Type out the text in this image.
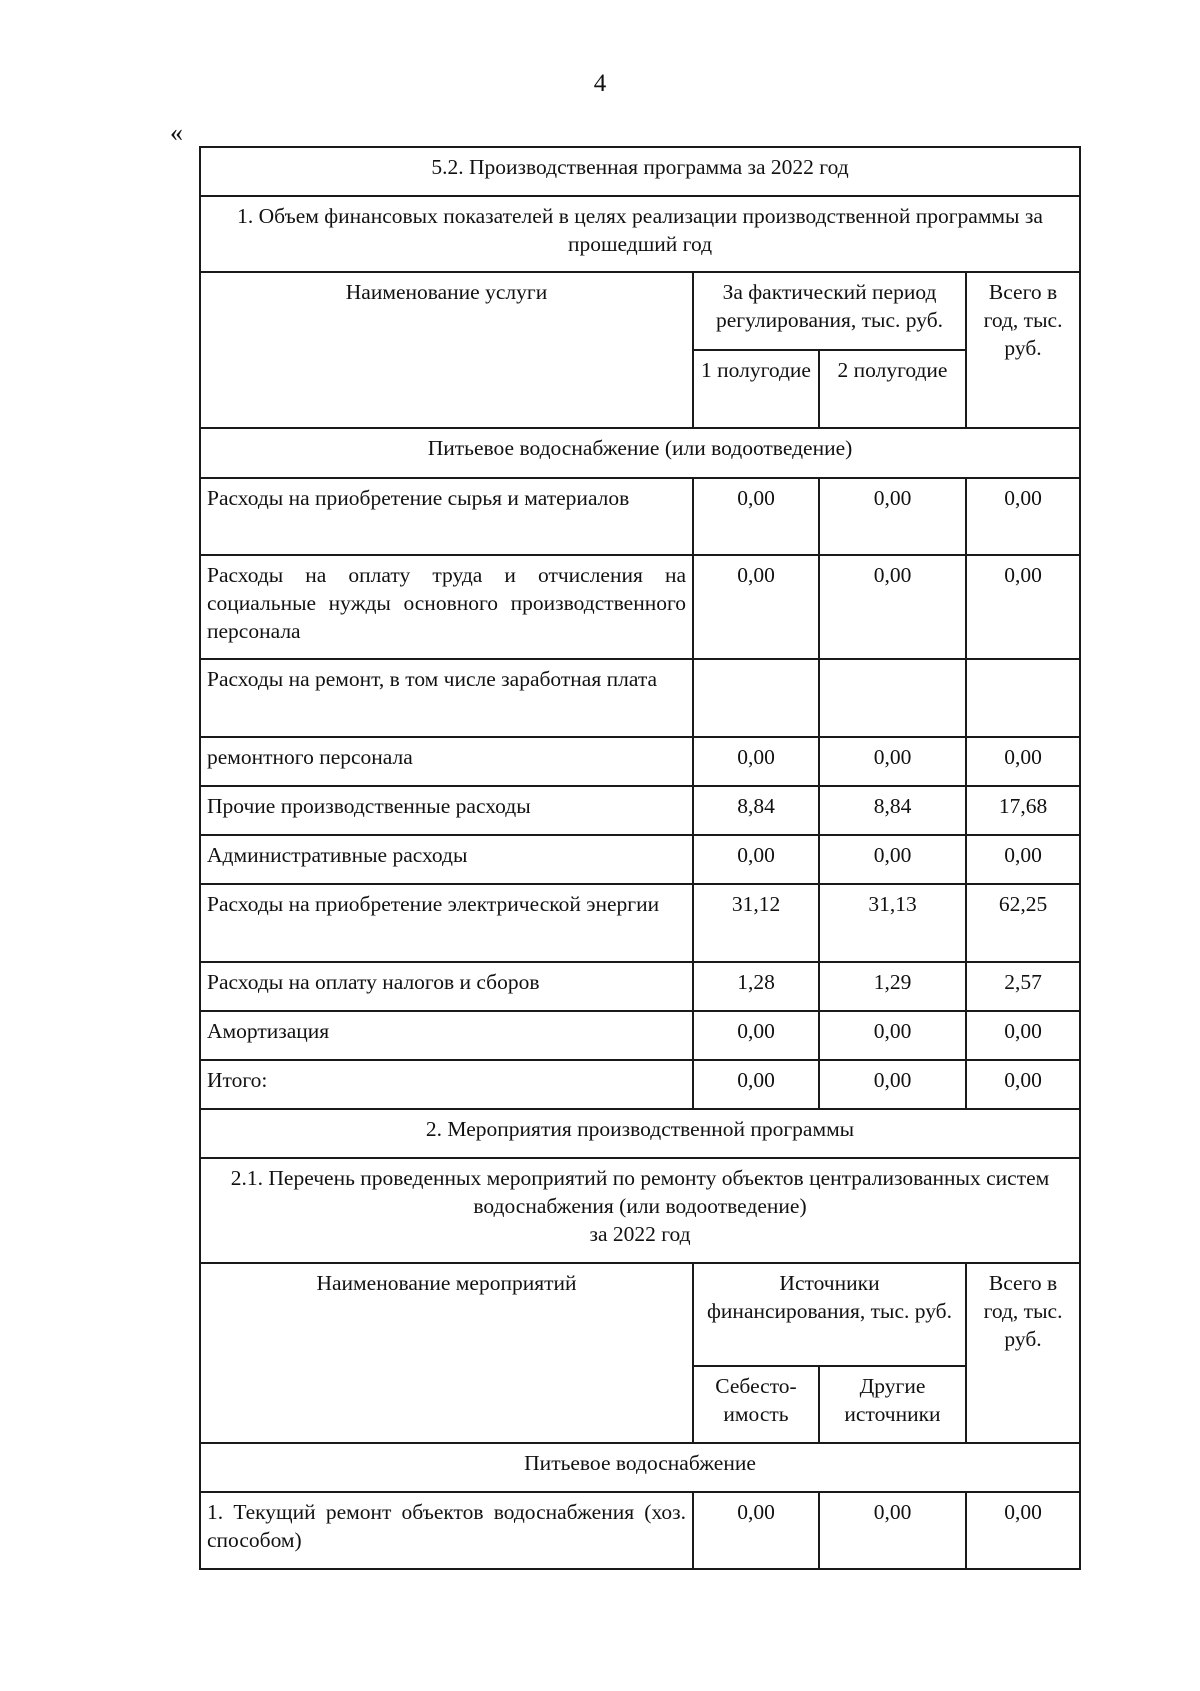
4
«
5.2. Производственная программа за 2022 год			
1. Объем финансовых показателей в целях реализации производственной программы за прошедший год			
Наименование услуги	За фактический период регулирования, тыс. руб.		Всего в год, тыс. руб.
	1 полугодие	2 полугодие	
Питьевое водоснабжение (или водоотведение)			
Расходы на приобретение сырья и материалов	0,00	0,00	0,00
Расходы на оплату труда и отчисления на социальные нужды основного производственного персонала	0,00	0,00	0,00
Расходы на ремонт, в том числе заработная плата			
ремонтного персонала	0,00	0,00	0,00
Прочие производственные расходы	8,84	8,84	17,68
Административные расходы	0,00	0,00	0,00
Расходы на приобретение электрической энергии	31,12	31,13	62,25
Расходы на оплату налогов и сборов	1,28	1,29	2,57
Амортизация	0,00	0,00	0,00
Итого:	0,00	0,00	0,00
2. Мероприятия производственной программы			

2.1. Перечень проведенных мероприятий по ремонту объектов централизованных систем водоснабжения (или водоотведение)
за 2022 год			

Наименование мероприятий	Источники финансирования, тыс. руб.		Всего в год, тыс. руб.
	Себесто-имость	Другие источники	
Питьевое водоснабжение			
1. Текущий ремонт объектов водоснабжения (хоз. способом)	0,00	0,00	0,00
